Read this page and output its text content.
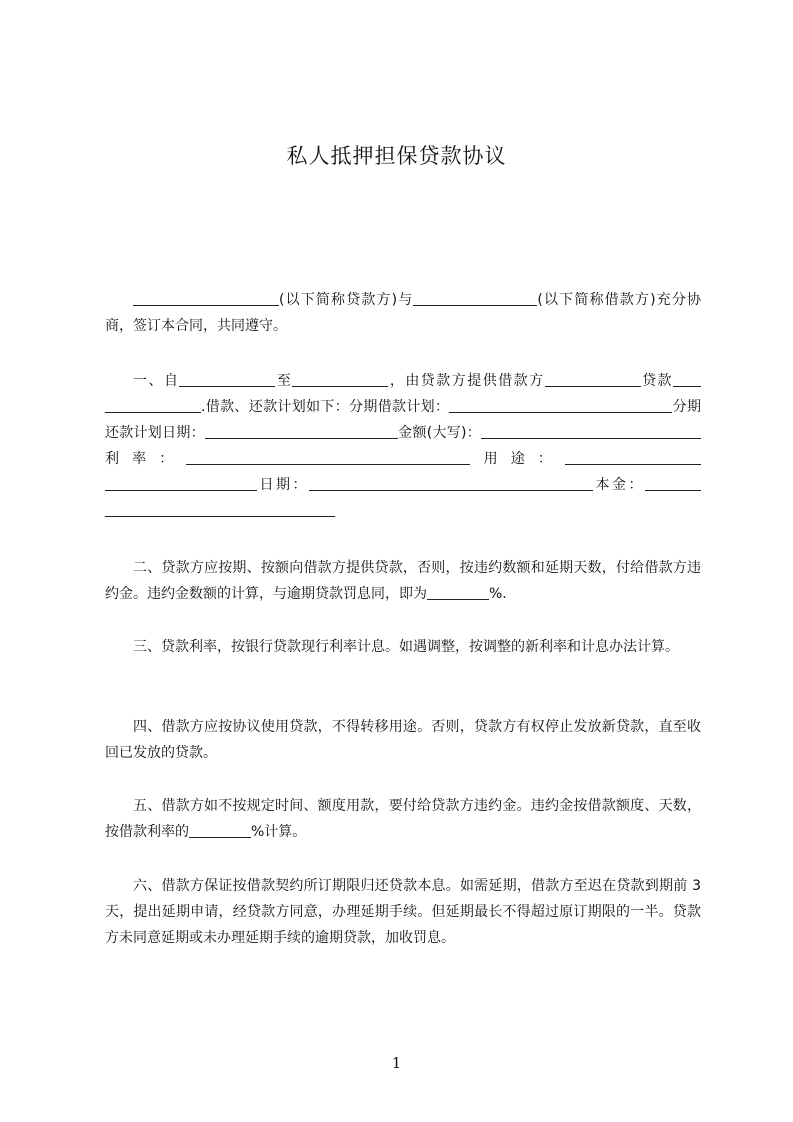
私人抵押担保贷款协议

(以下简称贷款方)与	(以下简称借款方)充分协商，签订本合同，共同遵守。

一、自	至	，由贷款方提供借款方	贷款.借款、还款计划如下：分期借款计划：	分期还款计划日期：	金额(大写)：利率：	用途：日期：	本金：

二、贷款方应按期、按额向借款方提供贷款，否则，按违约数额和延期天数，付给借款方违约金。违约金数额的计算，与逾期贷款罚息同，即为	%.

三、贷款利率，按银行贷款现行利率计息。如遇调整，按调整的新利率和计息办法计算。

四、借款方应按协议使用贷款，不得转移用途。否则，贷款方有权停止发放新贷款，直至收回已发放的贷款。

五、借款方如不按规定时间、额度用款，要付给贷款方违约金。违约金按借款额度、天数，按借款利率的	%计算。

六、借款方保证按借款契约所订期限归还贷款本息。如需延期，借款方至迟在贷款到期前 3 天，提出延期申请，经贷款方同意，办理延期手续。但延期最长不得超过原订期限的一半。贷款方未同意延期或未办理延期手续的逾期贷款，加收罚息。

1
